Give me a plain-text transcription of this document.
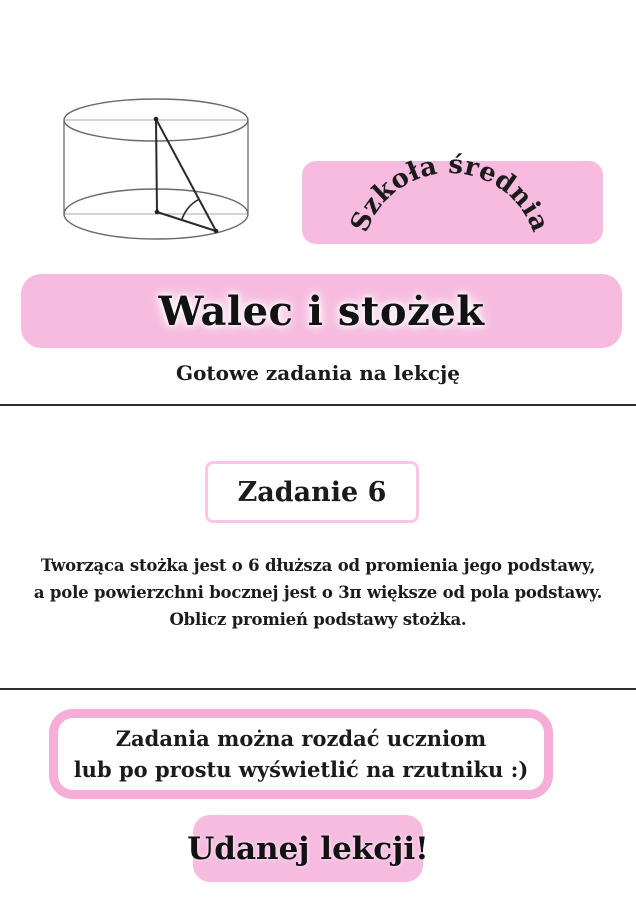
Szkoła średnia
Walec i stożek
Gotowe zadania na lekcję
Zadanie 6
Tworząca stożka jest o 6 dłuższa od promienia jego podstawy,
a pole powierzchni bocznej jest o 3π większe od pola podstawy.
Oblicz promień podstawy stożka.
Zadania można rozdać uczniom
lub po prostu wyświetlić na rzutniku :)
Udanej lekcji!
